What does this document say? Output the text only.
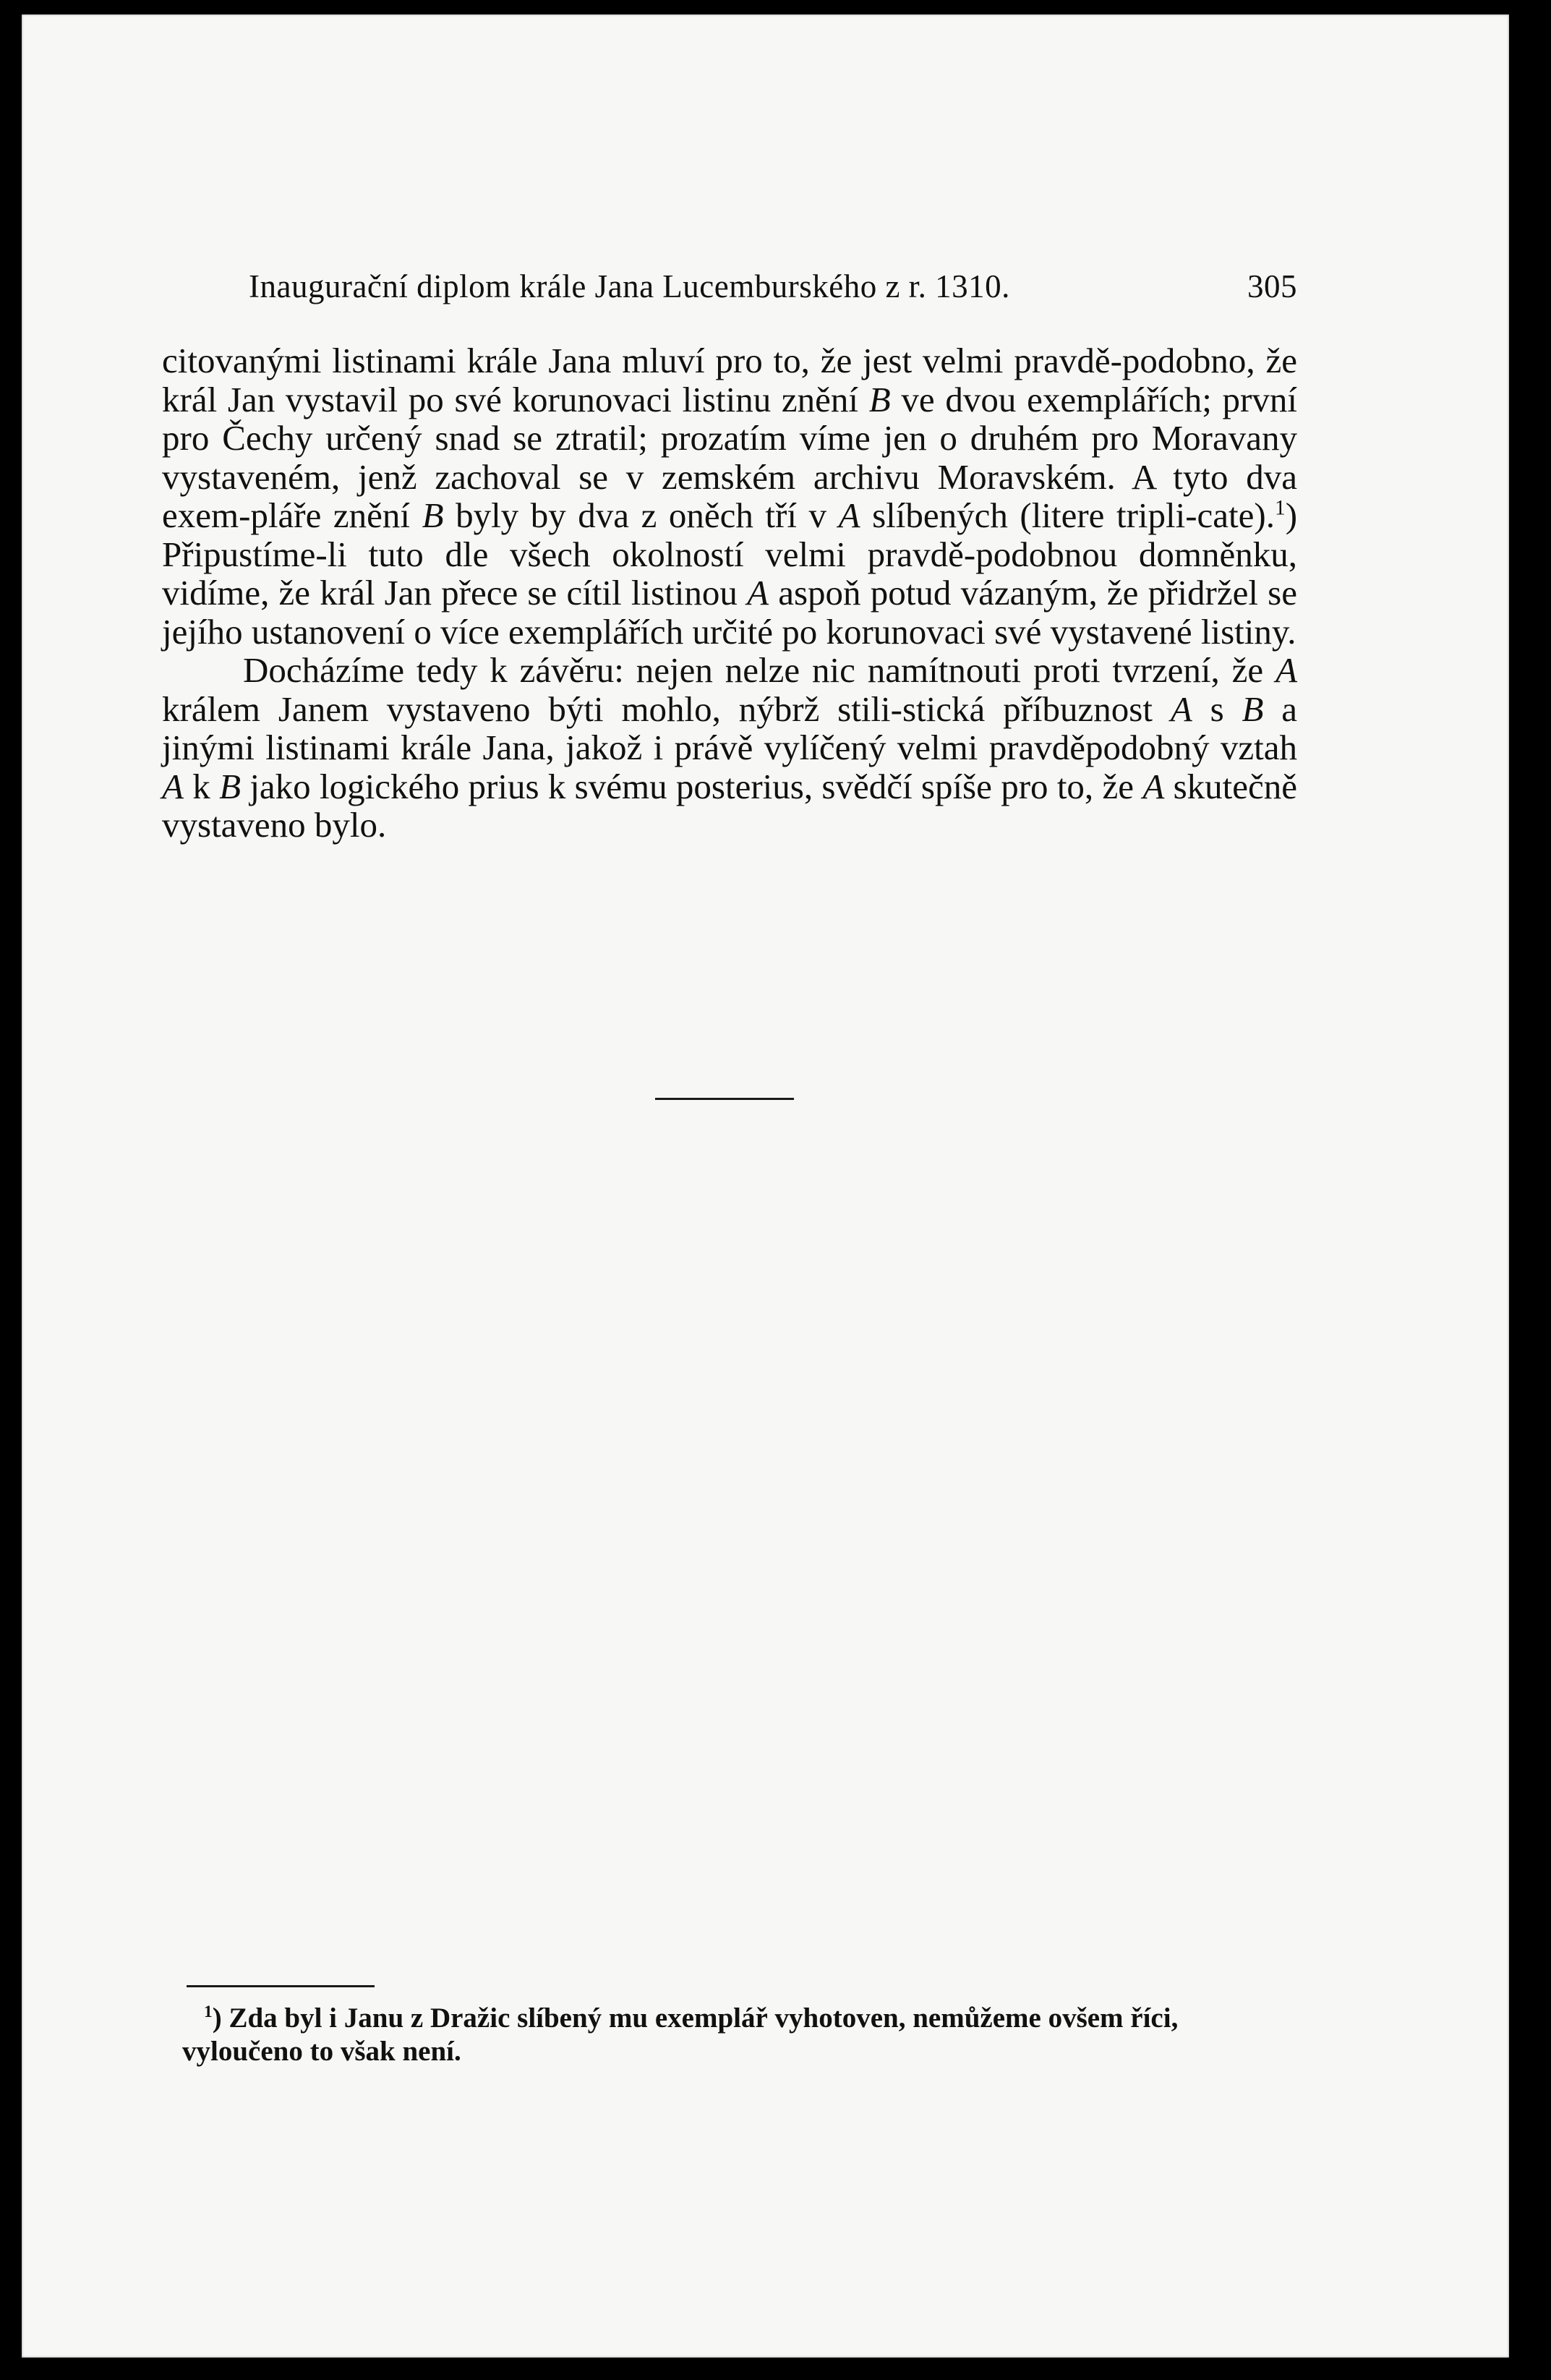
Inaugurační diplom krále Jana Lucemburského z r. 1310.	305

citovanými listinami krále Jana mluví pro to, že jest velmi pravdě-podobno, že král Jan vystavil po své korunovaci listinu znění B ve dvou exemplářích; první pro Čechy určený snad se ztratil; prozatím víme jen o druhém pro Moravany vystaveném, jenž zachoval se v zemském archivu Moravském. A tyto dva exem-pláře znění B byly by dva z oněch tří v A slíbených (litere tripli-cate).$^1$) Připustíme-li tuto dle všech okolností velmi pravdě-podobnou domněnku, vidíme, že král Jan přece se cítil listinou A aspoň potud vázaným, že přidržel se jejího ustanovení o více exemplářích určité po korunovaci své vystavené listiny.

Docházíme tedy k závěru: nejen nelze nic namítnouti proti tvrzení, že A králem Janem vystaveno býti mohlo, nýbrž stili-stická příbuznost A s B a jinými listinami krále Jana, jakož i právě vylíčený velmi pravděpodobný vztah A k B jako logického prius k svému posterius, svědčí spíše pro to, že A skutečně vystaveno bylo.

$^1$) Zda byl i Janu z Dražic slíbený mu exemplář vyhotoven, nemůžeme ovšem říci, vyloučeno to však není.
